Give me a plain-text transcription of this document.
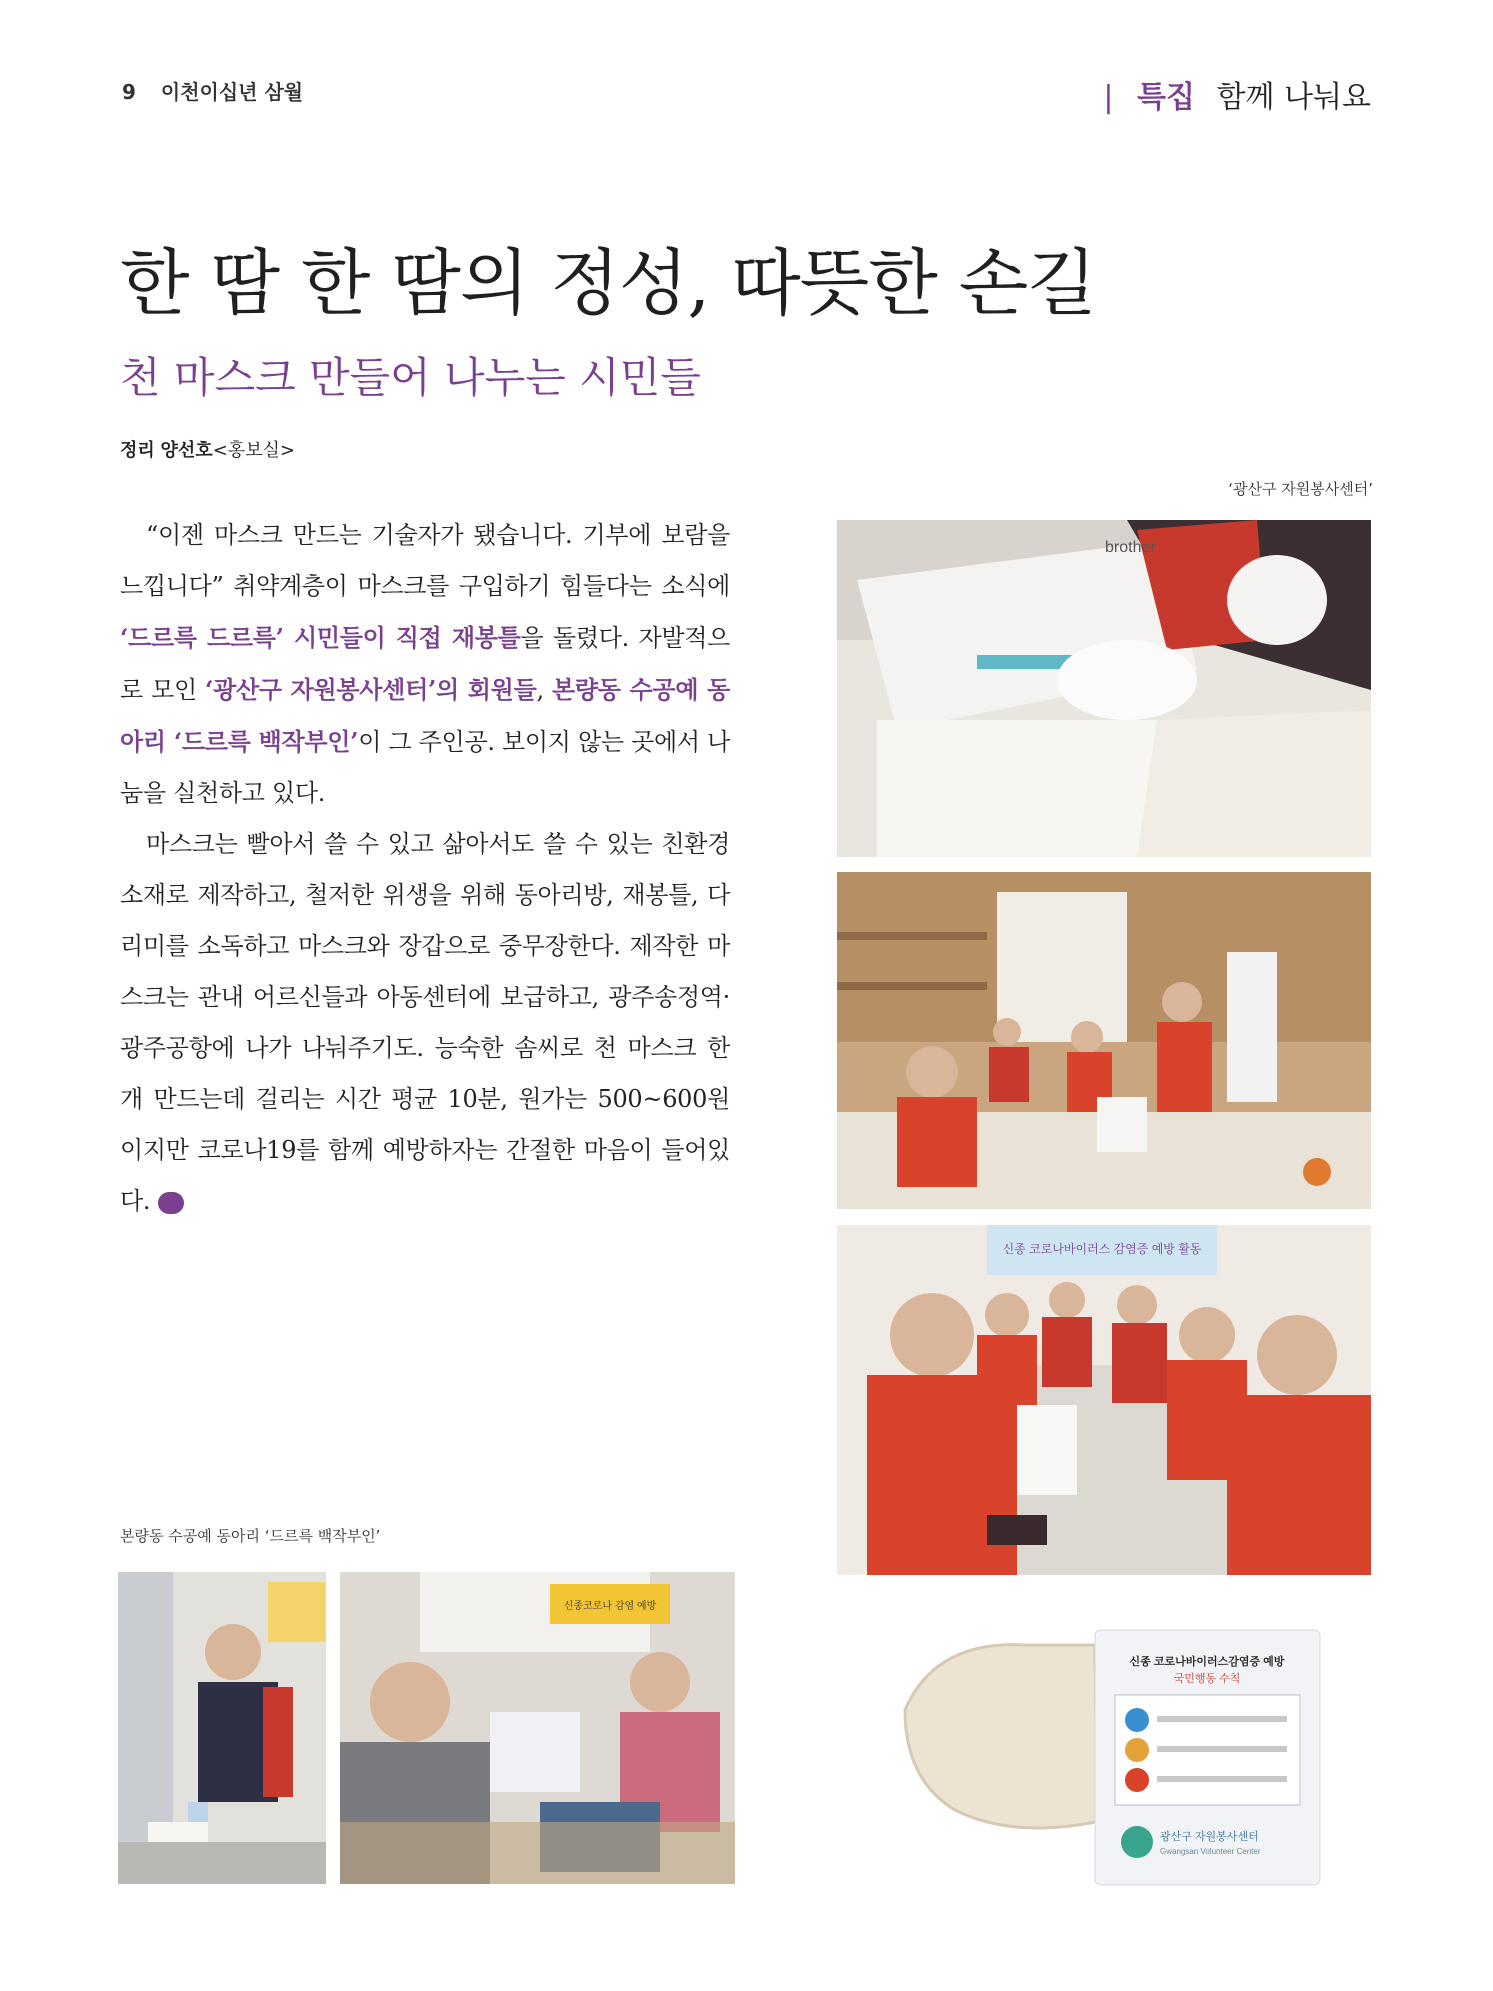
9 이천이십년 삼월	| 특집 함께 나눠요
한 땀 한 땀의 정성, 따뜻한 손길
천 마스크 만들어 나누는 시민들
정리 양선호<홍보실>

“이젠 마스크 만드는 기술자가 됐습니다. 기부에 보람을 느낍니다” 취약계층이 마스크를 구입하기 힘들다는 소식에 ‘드르륵 드르륵’ 시민들이 직접 재봉틀을 돌렸다. 자발적으로 모인 ‘광산구 자원봉사센터’의 회원들, 본량동 수공예 동아리 ‘드르륵 백작부인’이 그 주인공. 보이지 않는 곳에서 나눔을 실천하고 있다.

마스크는 빨아서 쓸 수 있고 삶아서도 쓸 수 있는 친환경 소재로 제작하고, 철저한 위생을 위해 동아리방, 재봉틀, 다리미를 소독하고 마스크와 장갑으로 중무장한다. 제작한 마스크는 관내 어르신들과 아동센터에 보급하고, 광주송정역·광주공항에 나가 나눠주기도. 능숙한 솜씨로 천 마스크 한 개 만드는데 걸리는 시간 평균 10분, 원가는 500~600원이지만 코로나19를 함께 예방하자는 간절한 마음이 들어있다.	끝

‘광산구 자원봉사센터’
본량동 수공예 동아리 ‘드르륵 백작부인’
brother
신종 코로나바이러스 감염증 예방 활동
신종코로나 감염 예방
신종 코로나바이러스감염증 예방
국민행동 수칙
광산구 자원봉사센터
Gwangsan Volunteer Center
